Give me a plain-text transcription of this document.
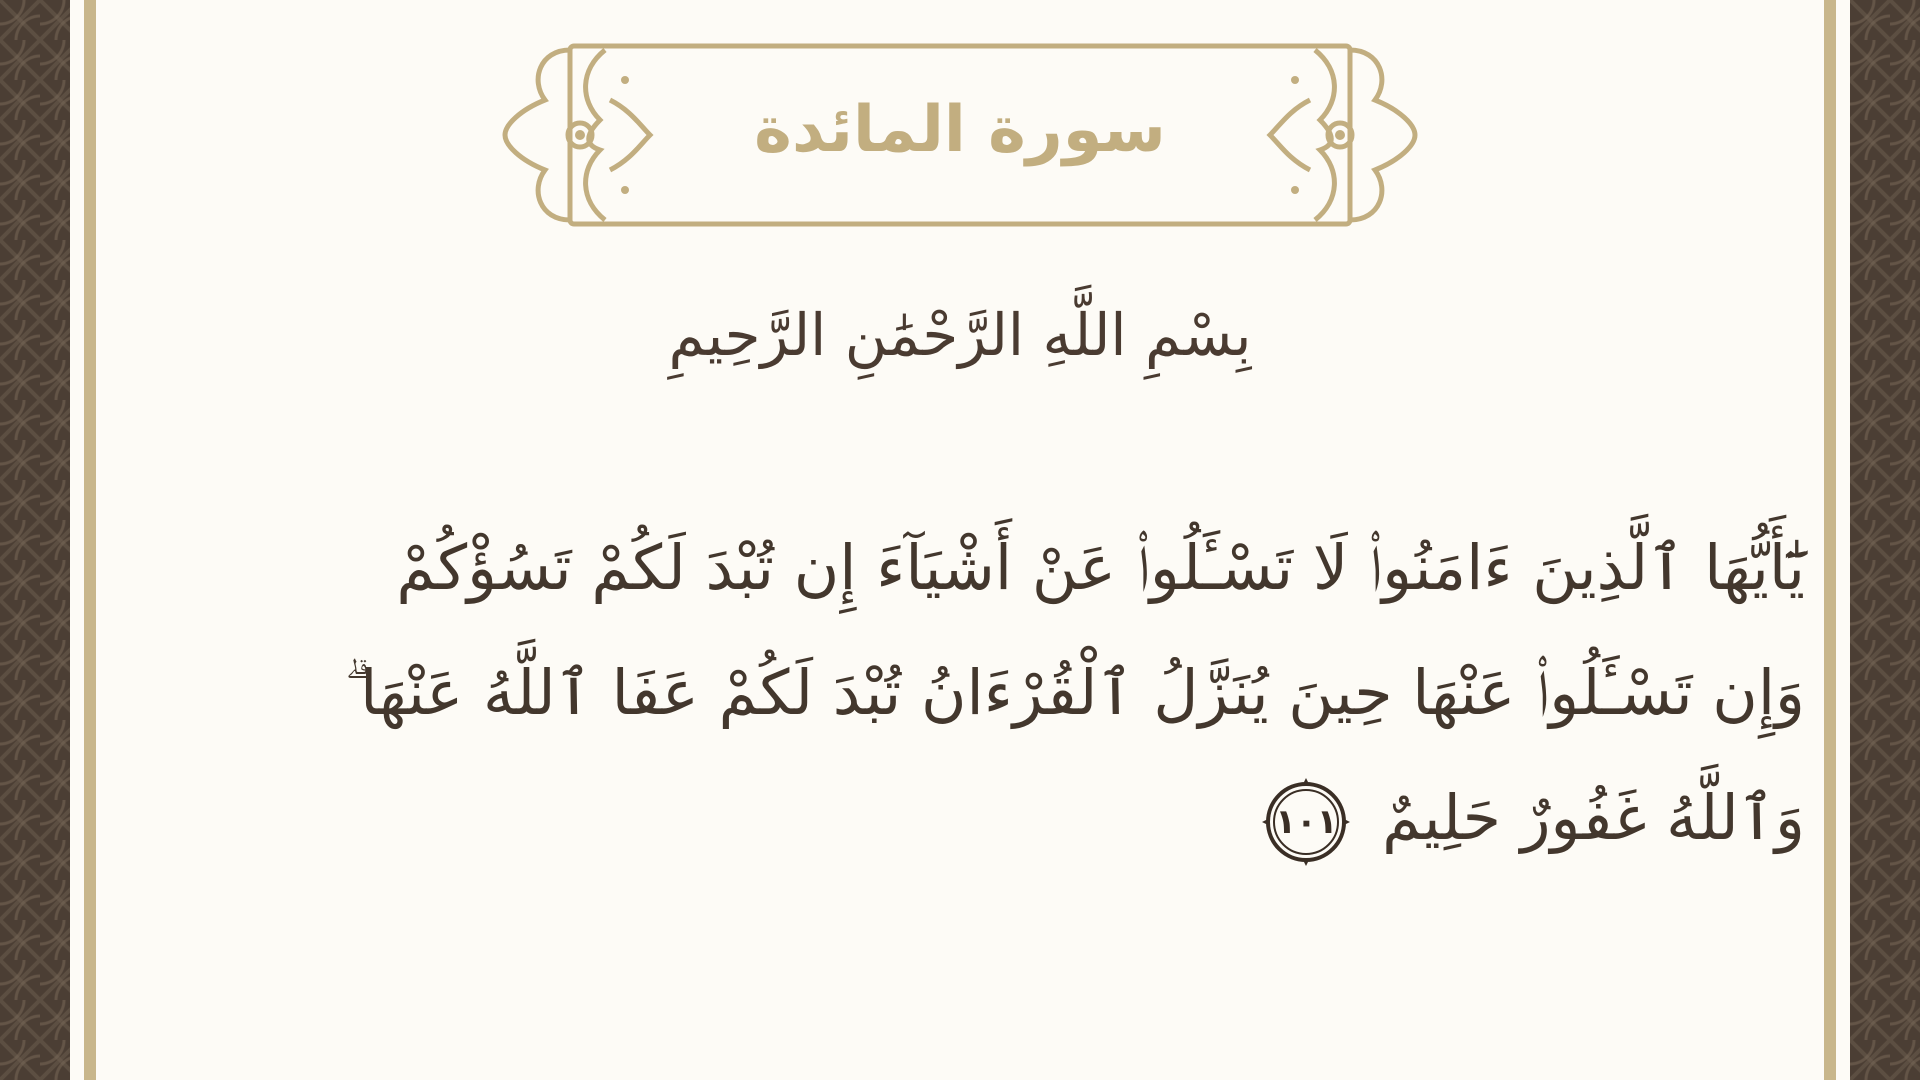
سورة المائدة
بِسْمِ اللَّهِ الرَّحْمَٰنِ الرَّحِيمِ
يَٰٓأَيُّهَا ٱلَّذِينَ ءَامَنُوا۟ لَا تَسْـَٔلُوا۟ عَنْ أَشْيَآءَ إِن تُبْدَ لَكُمْ تَسُؤْكُمْ وَإِن تَسْـَٔلُوا۟ عَنْهَا حِينَ يُنَزَّلُ ٱلْقُرْءَانُ تُبْدَ لَكُمْ عَفَا ٱللَّهُ عَنْهَا ۗ وَٱللَّهُ غَفُورٌ حَلِيمٌ
١٠١
